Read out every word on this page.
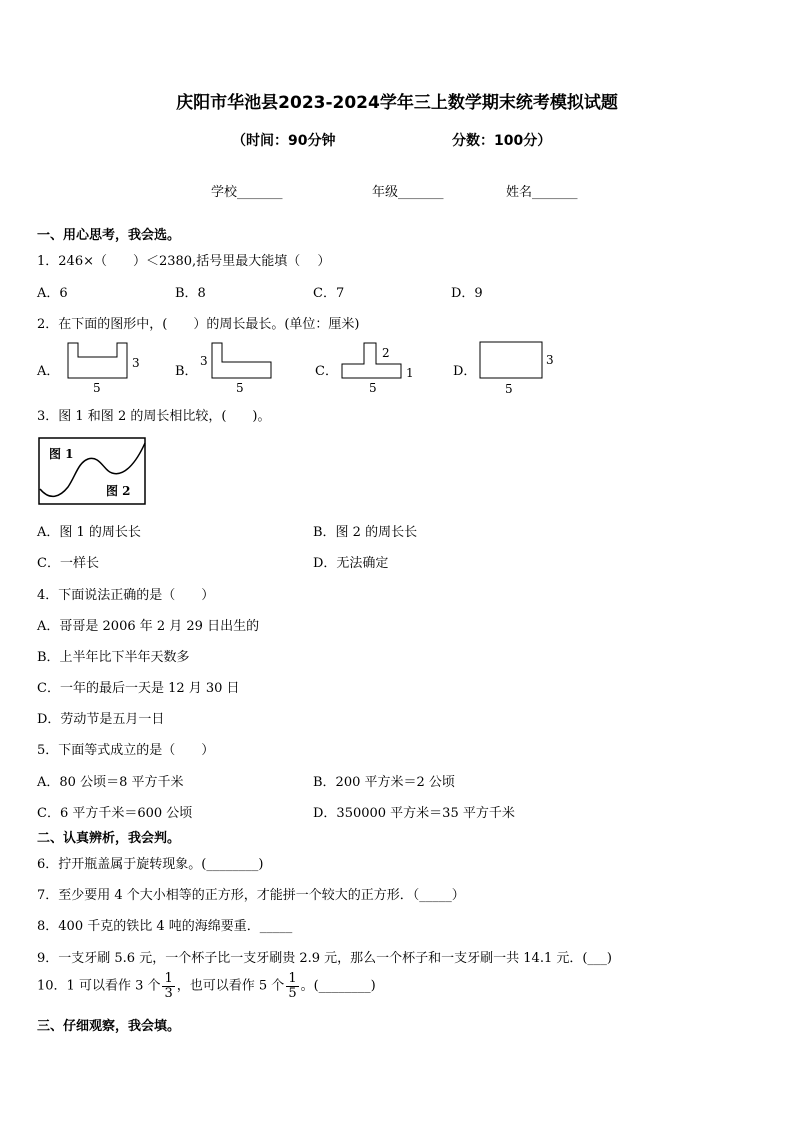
庆阳市华池县2023-2024学年三上数学期末统考模拟试题
（时间：90分钟	分数：100分）
学校_______	年级_______	姓名_______
一、用心思考，我会选。
1．246×（　　）＜2380,括号里最大能填（　 ）
A．6	B．8	C．7	D．9
2．在下面的图形中，(　　）的周长最长。(单位：厘米)
A．	B．	C．	D．
5
3	3
5
2
1
5
3
5
3．图 1 和图 2 的周长相比较，(　　)。
图 1
图 2
A．图 1 的周长长	B．图 2 的周长长
C．一样长	D．无法确定
4．下面说法正确的是（　　）
A．哥哥是 2006 年 2 月 29 日出生的
B．上半年比下半年天数多
C．一年的最后一天是 12 月 30 日
D．劳动节是五月一日
5．下面等式成立的是（　　）
A．80 公顷＝8 平方千米	B．200 平方米＝2 公顷
C．6 平方千米＝600 公顷	D．350000 平方米＝35 平方千米
二、认真辨析，我会判。
6．拧开瓶盖属于旋转现象。(________)
7．至少要用 4 个大小相等的正方形，才能拼一个较大的正方形．（_____）
8．400 千克的铁比 4 吨的海绵要重．_____
9．一支牙刷 5.6 元，一个杯子比一支牙刷贵 2.9 元，那么一个杯子和一支牙刷一共 14.1 元．(___)
10．1 可以看作 3 个 $\frac{1}{3}$ ，也可以看作 5 个 $\frac{1}{5}$ 。(________)
三、仔细观察，我会填。
